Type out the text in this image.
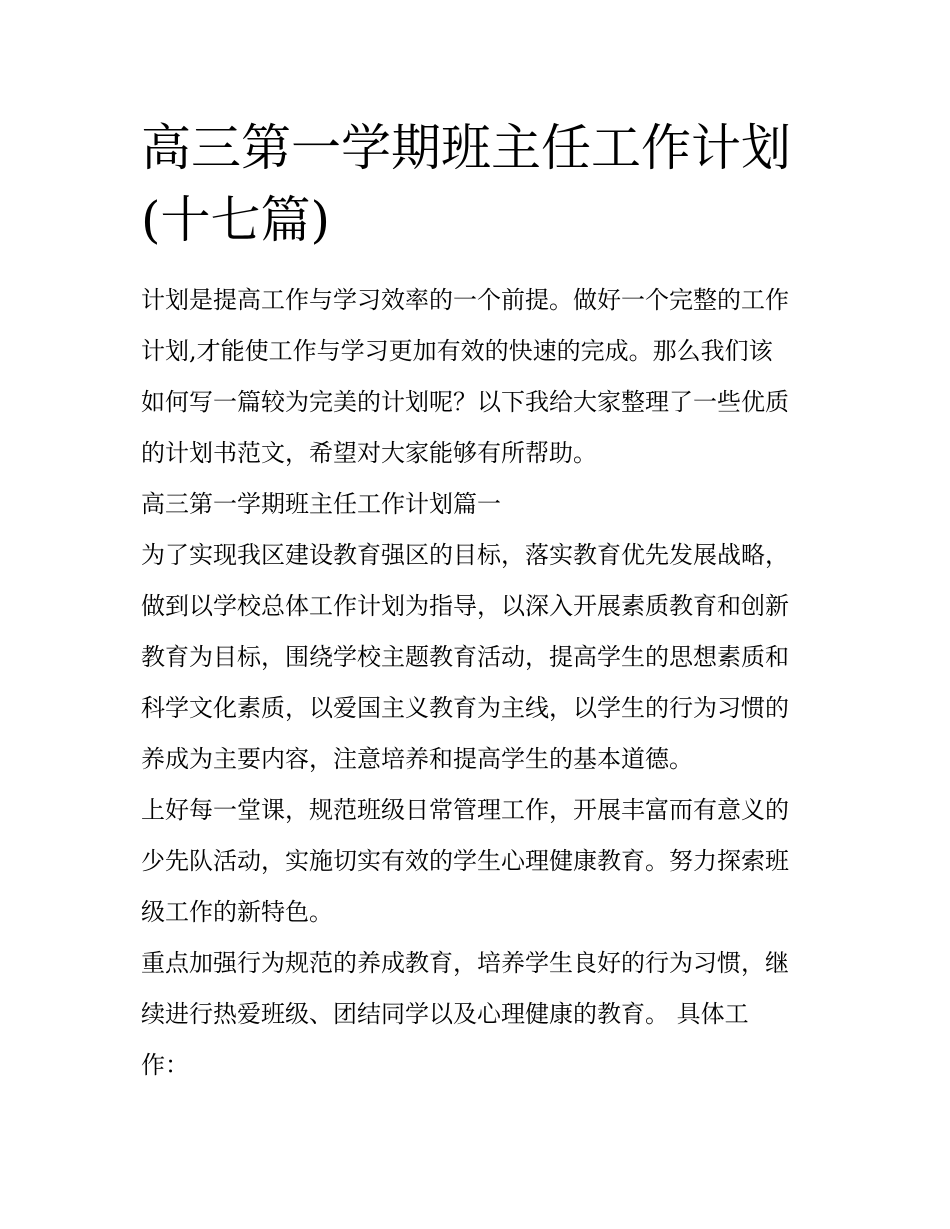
高三第一学期班主任工作计划
(十七篇)

计划是提高工作与学习效率的一个前提。做好一个完整的工作
计划,才能使工作与学习更加有效的快速的完成。那么我们该
如何写一篇较为完美的计划呢？以下我给大家整理了一些优质
的计划书范文，希望对大家能够有所帮助。

高三第一学期班主任工作计划篇一

为了实现我区建设教育强区的目标，落实教育优先发展战略，
做到以学校总体工作计划为指导，以深入开展素质教育和创新
教育为目标，围绕学校主题教育活动，提高学生的思想素质和
科学文化素质，以爱国主义教育为主线，以学生的行为习惯的
养成为主要内容，注意培养和提高学生的基本道德。

上好每一堂课，规范班级日常管理工作，开展丰富而有意义的
少先队活动，实施切实有效的学生心理健康教育。努力探索班
级工作的新特色。

重点加强行为规范的养成教育，培养学生良好的行为习惯，继
续进行热爱班级、团结同学以及心理健康的教育。 具体工
作：
